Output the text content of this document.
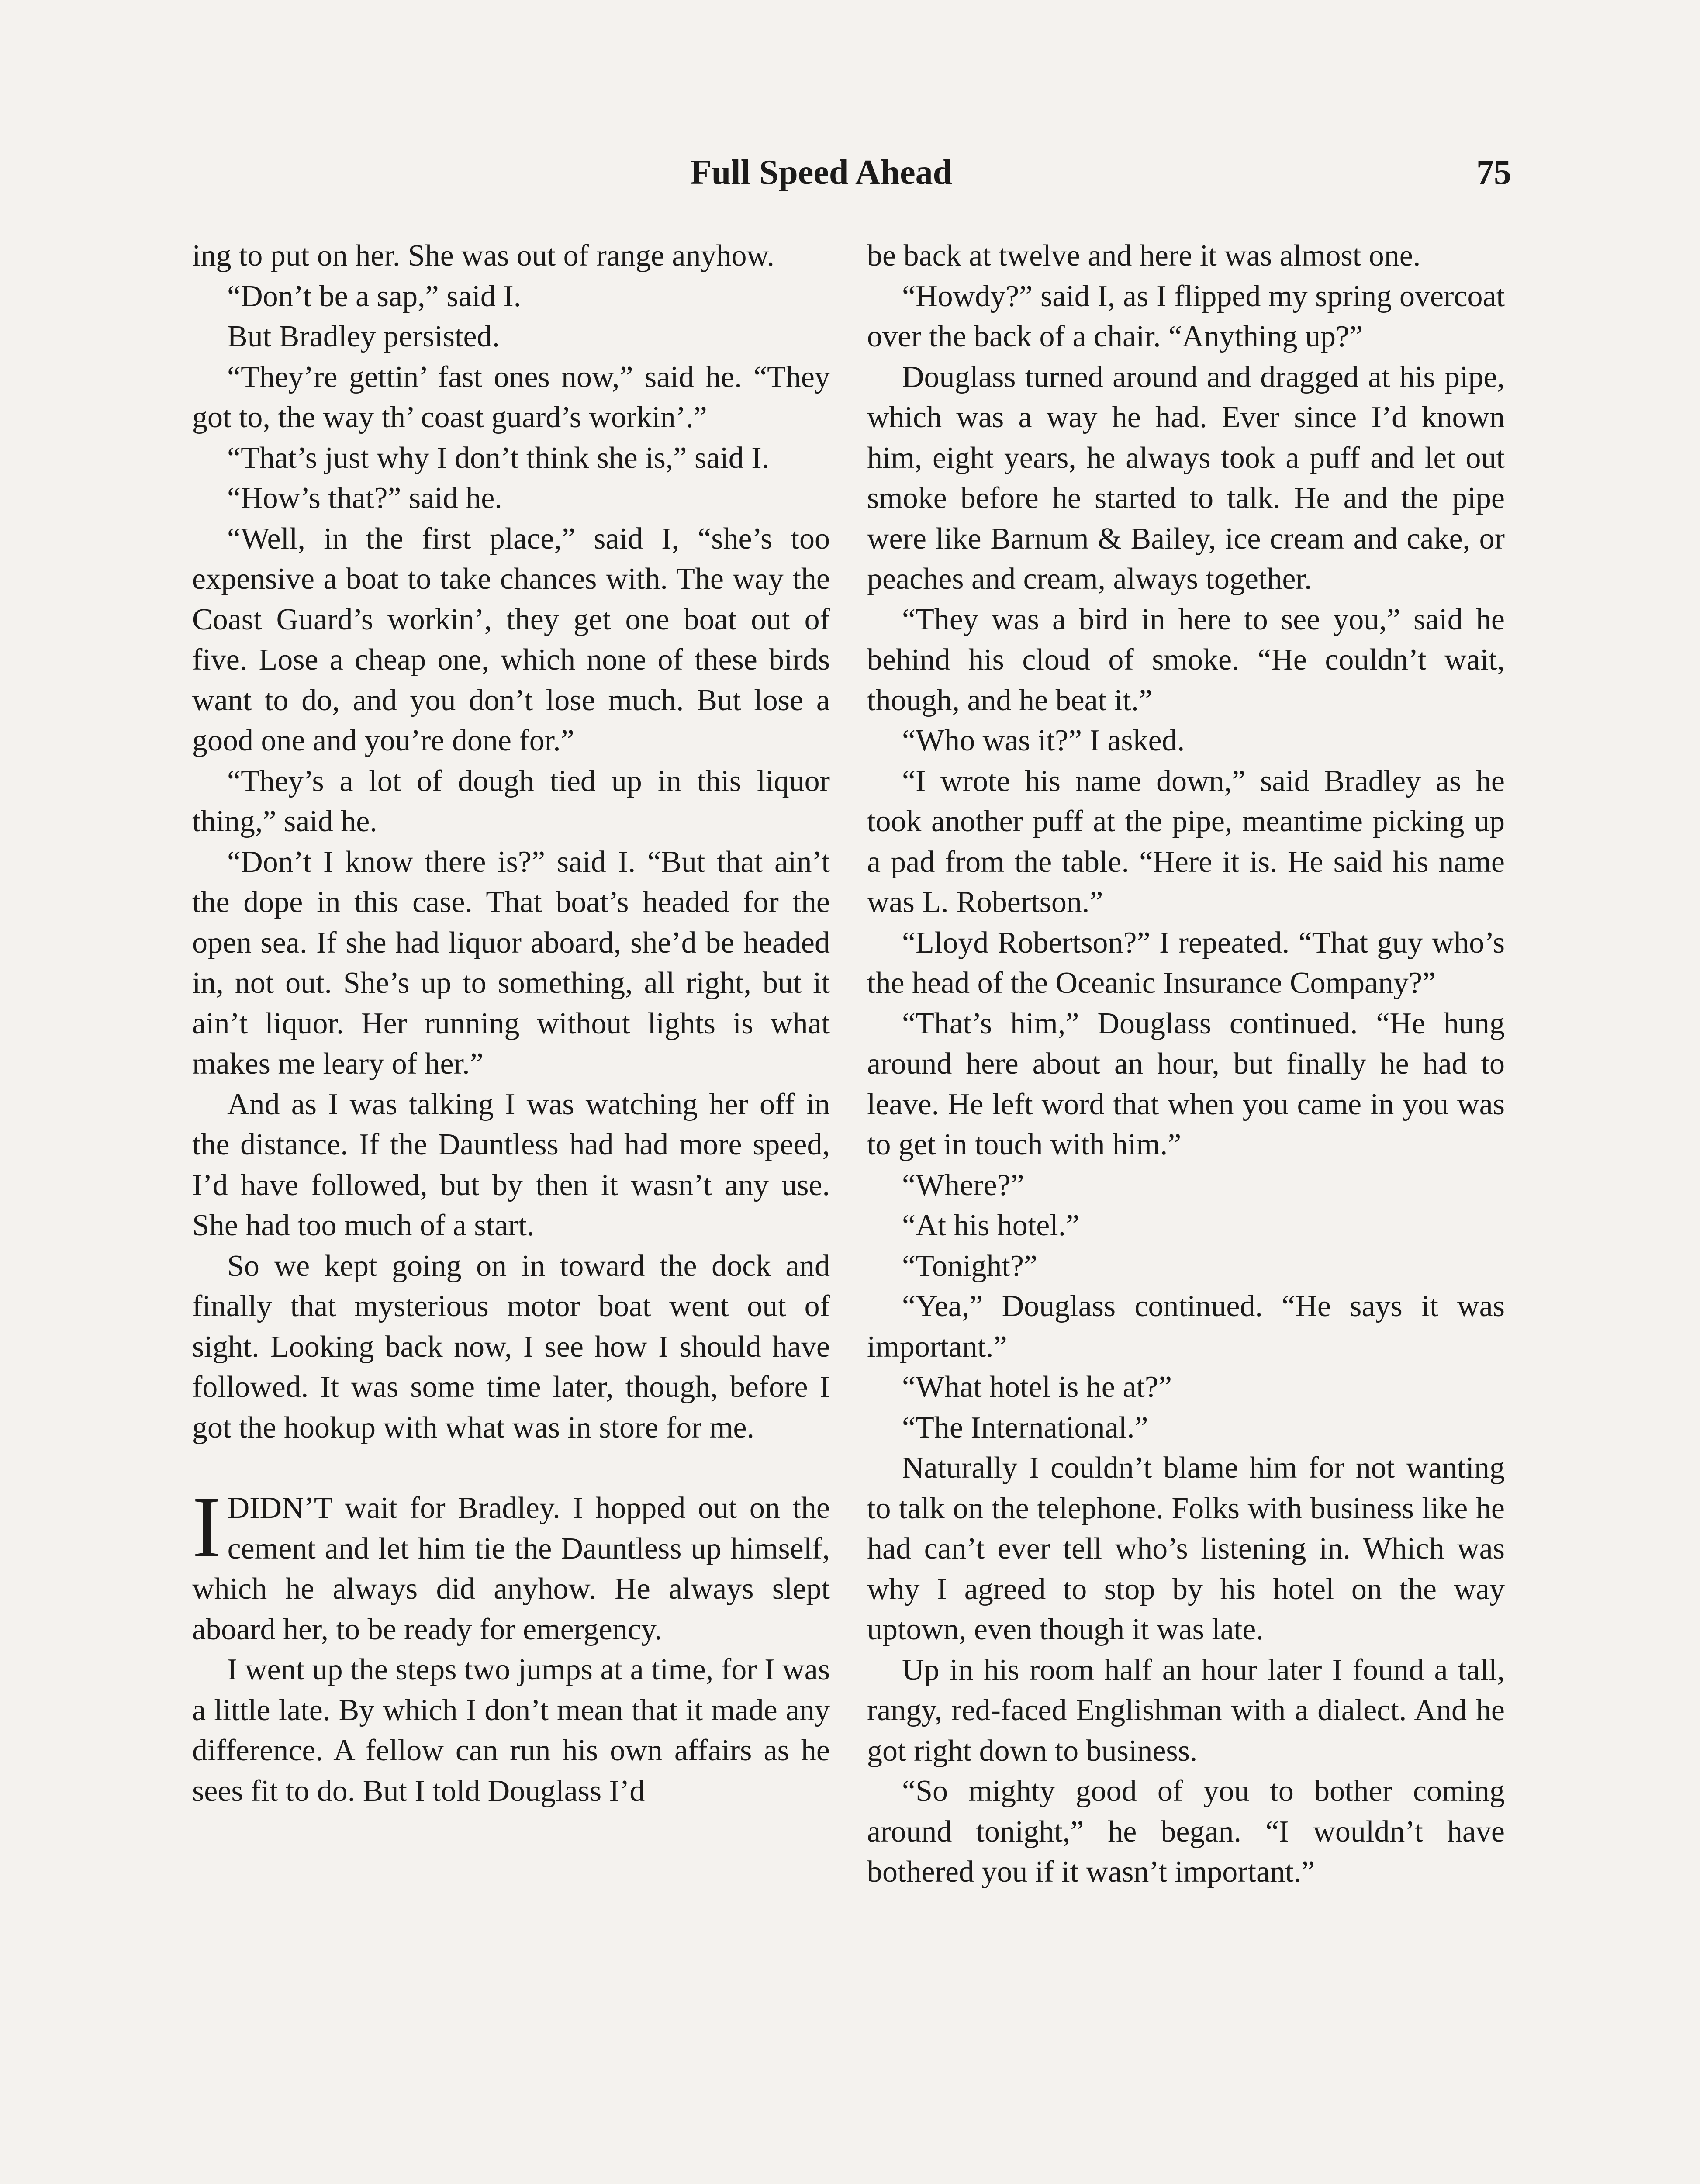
Full Speed Ahead	75

ing to put on her. She was out of range anyhow.

“Don’t be a sap,” said I.

But Bradley persisted.

“They’re gettin’ fast ones now,” said he. “They got to, the way th’ coast guard’s workin’.”

“That’s just why I don’t think she is,” said I.

“How’s that?” said he.

“Well, in the first place,” said I, “she’s too expensive a boat to take chances with. The way the Coast Guard’s workin’, they get one boat out of five. Lose a cheap one, which none of these birds want to do, and you don’t lose much. But lose a good one and you’re done for.”

“They’s a lot of dough tied up in this liquor thing,” said he.

“Don’t I know there is?” said I. “But that ain’t the dope in this case. That boat’s headed for the open sea. If she had liquor aboard, she’d be headed in, not out. She’s up to something, all right, but it ain’t liquor. Her running without lights is what makes me leary of her.”

And as I was talking I was watching her off in the distance. If the Dauntless had had more speed, I’d have followed, but by then it wasn’t any use. She had too much of a start.

So we kept going on in toward the dock and finally that mysterious motor boat went out of sight. Looking back now, I see how I should have followed. It was some time later, though, before I got the hookup with what was in store for me.

IDIDN’T wait for Bradley. I hopped out on the cement and let him tie the Dauntless up himself, which he always did anyhow. He always slept aboard her, to be ready for emergency.

I went up the steps two jumps at a time, for I was a little late. By which I don’t mean that it made any difference. A fellow can run his own affairs as he sees fit to do. But I told Douglass I’d

be back at twelve and here it was almost one.

“Howdy?” said I, as I flipped my spring overcoat over the back of a chair. “Anything up?”

Douglass turned around and dragged at his pipe, which was a way he had. Ever since I’d known him, eight years, he always took a puff and let out smoke before he started to talk. He and the pipe were like Barnum & Bailey, ice cream and cake, or peaches and cream, always together.

“They was a bird in here to see you,” said he behind his cloud of smoke. “He couldn’t wait, though, and he beat it.”

“Who was it?” I asked.

“I wrote his name down,” said Bradley as he took another puff at the pipe, meantime picking up a pad from the table. “Here it is. He said his name was L. Robertson.”

“Lloyd Robertson?” I repeated. “That guy who’s the head of the Oceanic Insurance Company?”

“That’s him,” Douglass continued. “He hung around here about an hour, but finally he had to leave. He left word that when you came in you was to get in touch with him.”

“Where?”

“At his hotel.”

“Tonight?”

“Yea,” Douglass continued. “He says it was important.”

“What hotel is he at?”

“The International.”

Naturally I couldn’t blame him for not wanting to talk on the telephone. Folks with business like he had can’t ever tell who’s listening in. Which was why I agreed to stop by his hotel on the way uptown, even though it was late.

Up in his room half an hour later I found a tall, rangy, red-faced Englishman with a dialect. And he got right down to business.

“So mighty good of you to bother coming around tonight,” he began. “I wouldn’t have bothered you if it wasn’t important.”
